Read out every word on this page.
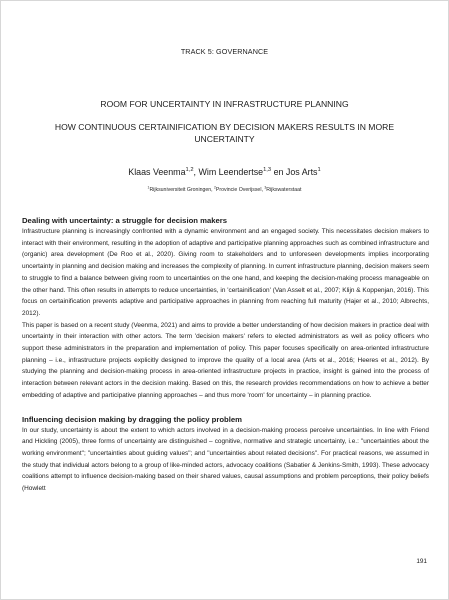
TRACK 5: GOVERNANCE
ROOM FOR UNCERTAINTY IN INFRASTRUCTURE PLANNING
HOW CONTINUOUS CERTAINIFICATION BY DECISION MAKERS RESULTS IN MORE UNCERTAINTY
Klaas Veenma$^{1,2}$, Wim Leendertse$^{1,3}$ en Jos Arts$^1$
$^1$Rijksuniversiteit Groningen, $^2$Provincie Overijssel, $^3$Rijkswaterstaat
Dealing with uncertainty: a struggle for decision makers

Infrastructure planning is increasingly confronted with a dynamic environment and an engaged society. This necessitates decision makers to interact with their environment, resulting in the adoption of adaptive and participative planning approaches such as combined infrastructure and (organic) area development (De Roo et al., 2020). Giving room to stakeholders and to unforeseen developments implies incorporating uncertainty in planning and decision making and increases the complexity of planning. In current infrastructure planning, decision makers seem to struggle to find a balance between giving room to uncertainties on the one hand, and keeping the decision-making process manageable on the other hand. This often results in attempts to reduce uncertainties, in 'certainification' (Van Asselt et al., 2007; Klijn & Koppenjan, 2016). This focus on certainification prevents adaptive and participative approaches in planning from reaching full maturity (Hajer et al., 2010; Albrechts, 2012).

This paper is based on a recent study (Veenma, 2021) and aims to provide a better understanding of how decision makers in practice deal with uncertainty in their interaction with other actors. The term 'decision makers' refers to elected administrators as well as policy officers who support these administrators in the preparation and implementation of policy. This paper focuses specifically on area-oriented infrastructure planning – i.e., infrastructure projects explicitly designed to improve the quality of a local area (Arts et al., 2016; Heeres et al., 2012). By studying the planning and decision-making process in area-oriented infrastructure projects in practice, insight is gained into the process of interaction between relevant actors in the decision making. Based on this, the research provides recommendations on how to achieve a better embedding of adaptive and participative planning approaches – and thus more 'room' for uncertainty – in planning practice.

Influencing decision making by dragging the policy problem

In our study, uncertainty is about the extent to which actors involved in a decision-making process perceive uncertainties. In line with Friend and Hickling (2005), three forms of uncertainty are distinguished – cognitive, normative and strategic uncertainty, i.e.: "uncertainties about the working environment"; "uncertainties about guiding values"; and "uncertainties about related decisions". For practical reasons, we assumed in the study that individual actors belong to a group of like-minded actors, advocacy coalitions (Sabatier & Jenkins-Smith, 1993). These advocacy coalitions attempt to influence decision-making based on their shared values, causal assumptions and problem perceptions, their policy beliefs (Howlett

191
